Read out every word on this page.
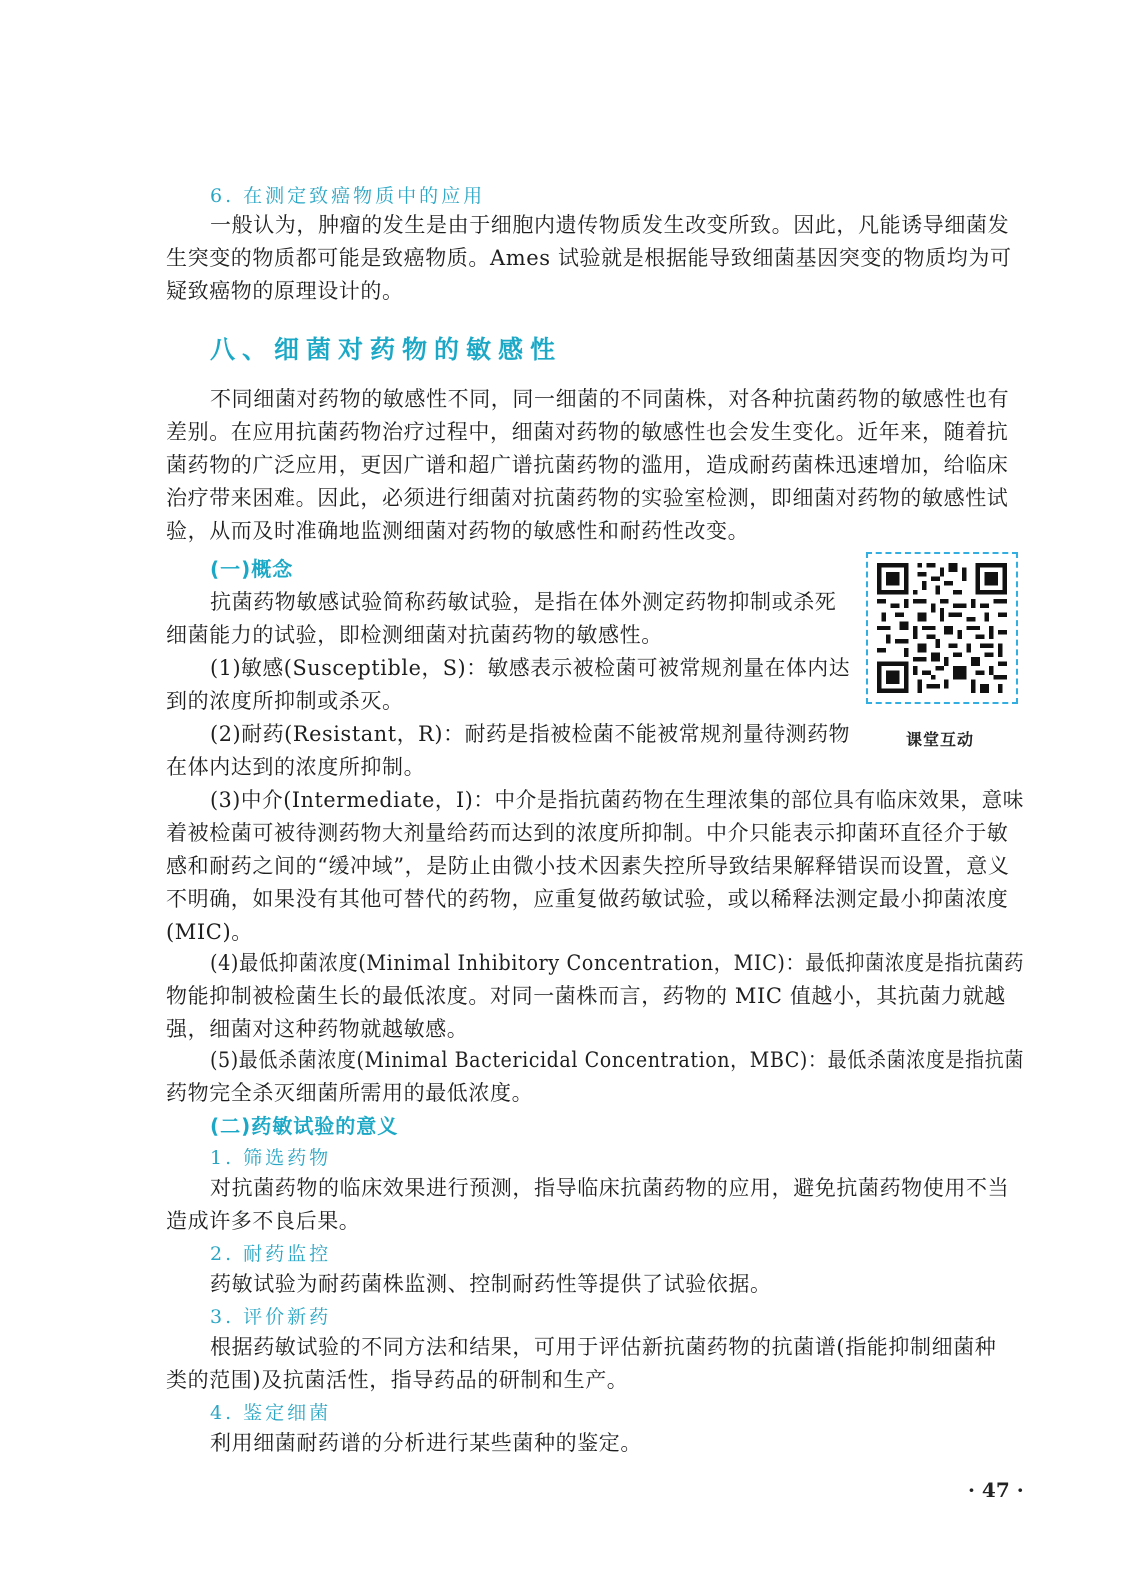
6. 在测定致癌物质中的应用
一般认为，肿瘤的发生是由于细胞内遗传物质发生改变所致。因此，凡能诱导细菌发
生突变的物质都可能是致癌物质。Ames 试验就是根据能导致细菌基因突变的物质均为可
疑致癌物的原理设计的。
八、细菌对药物的敏感性
不同细菌对药物的敏感性不同，同一细菌的不同菌株，对各种抗菌药物的敏感性也有
差别。在应用抗菌药物治疗过程中，细菌对药物的敏感性也会发生变化。近年来，随着抗
菌药物的广泛应用，更因广谱和超广谱抗菌药物的滥用，造成耐药菌株迅速增加，给临床
治疗带来困难。因此，必须进行细菌对抗菌药物的实验室检测，即细菌对药物的敏感性试
验，从而及时准确地监测细菌对药物的敏感性和耐药性改变。
(一)概念
抗菌药物敏感试验简称药敏试验，是指在体外测定药物抑制或杀死
细菌能力的试验，即检测细菌对抗菌药物的敏感性。
(1)敏感(Susceptible，S)：敏感表示被检菌可被常规剂量在体内达
到的浓度所抑制或杀灭。
(2)耐药(Resistant，R)：耐药是指被检菌不能被常规剂量待测药物
在体内达到的浓度所抑制。
(3)中介(Intermediate，I)：中介是指抗菌药物在生理浓集的部位具有临床效果，意味
着被检菌可被待测药物大剂量给药而达到的浓度所抑制。中介只能表示抑菌环直径介于敏
感和耐药之间的“缓冲域”，是防止由微小技术因素失控所导致结果解释错误而设置，意义
不明确，如果没有其他可替代的药物，应重复做药敏试验，或以稀释法测定最小抑菌浓度
(MIC)。
(4)最低抑菌浓度(Minimal Inhibitory Concentration，MIC)：最低抑菌浓度是指抗菌药
物能抑制被检菌生长的最低浓度。对同一菌株而言，药物的 MIC 值越小，其抗菌力就越
强，细菌对这种药物就越敏感。
(5)最低杀菌浓度(Minimal Bactericidal Concentration，MBC)：最低杀菌浓度是指抗菌
药物完全杀灭细菌所需用的最低浓度。
课堂互动
(二)药敏试验的意义
1. 筛选药物
对抗菌药物的临床效果进行预测，指导临床抗菌药物的应用，避免抗菌药物使用不当
造成许多不良后果。
2. 耐药监控
药敏试验为耐药菌株监测、控制耐药性等提供了试验依据。
3. 评价新药
根据药敏试验的不同方法和结果，可用于评估新抗菌药物的抗菌谱(指能抑制细菌种
类的范围)及抗菌活性，指导药品的研制和生产。
4. 鉴定细菌
利用细菌耐药谱的分析进行某些菌种的鉴定。
· 47 ·
